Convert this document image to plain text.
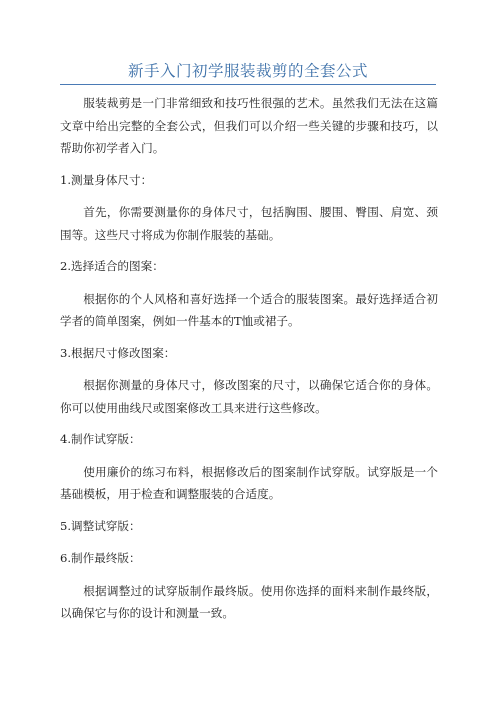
新手入门初学服装裁剪的全套公式

服装裁剪是一门非常细致和技巧性很强的艺术。虽然我们无法在这篇文章中给出完整的全套公式，但我们可以介绍一些关键的步骤和技巧，以帮助你初学者入门。

1.测量身体尺寸：

首先，你需要测量你的身体尺寸，包括胸围、腰围、臀围、肩宽、颈围等。这些尺寸将成为你制作服装的基础。

2.选择适合的图案：

根据你的个人风格和喜好选择一个适合的服装图案。最好选择适合初学者的简单图案，例如一件基本的T恤或裙子。

3.根据尺寸修改图案：

根据你测量的身体尺寸，修改图案的尺寸，以确保它适合你的身体。你可以使用曲线尺或图案修改工具来进行这些修改。

4.制作试穿版：

使用廉价的练习布料，根据修改后的图案制作试穿版。试穿版是一个基础模板，用于检查和调整服装的合适度。

5.调整试穿版：

6.制作最终版：

根据调整过的试穿版制作最终版。使用你选择的面料来制作最终版，以确保它与你的设计和测量一致。
